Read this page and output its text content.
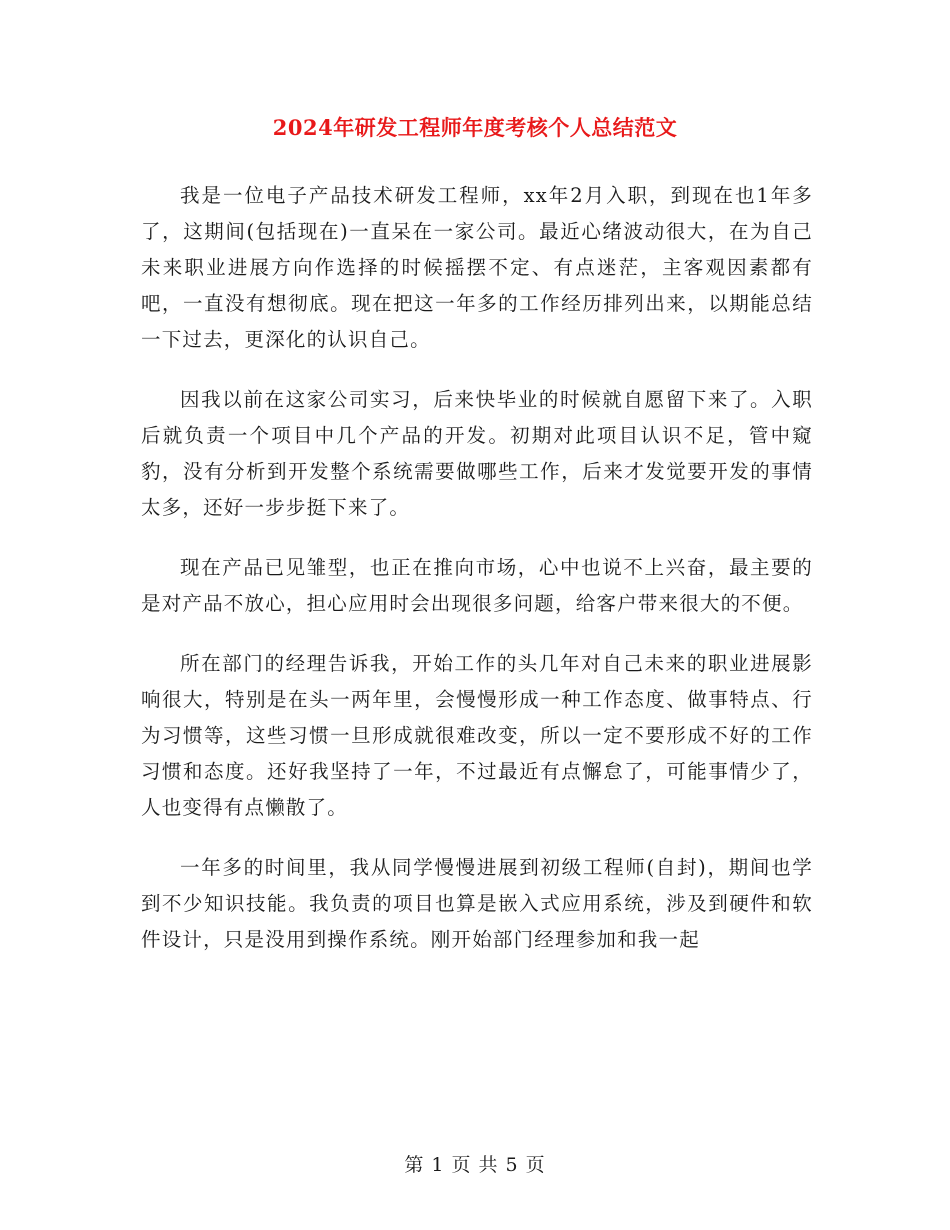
2024年研发工程师年度考核个人总结范文

我是一位电子产品技术研发工程师，xx年2月入职，到现在也1年多了，这期间(包括现在)一直呆在一家公司。最近心绪波动很大，在为自己未来职业进展方向作选择的时候摇摆不定、有点迷茫，主客观因素都有吧，一直没有想彻底。现在把这一年多的工作经历排列出来，以期能总结一下过去，更深化的认识自己。

因我以前在这家公司实习，后来快毕业的时候就自愿留下来了。入职后就负责一个项目中几个产品的开发。初期对此项目认识不足，管中窥豹，没有分析到开发整个系统需要做哪些工作，后来才发觉要开发的事情太多，还好一步步挺下来了。

现在产品已见雏型，也正在推向市场，心中也说不上兴奋，最主要的是对产品不放心，担心应用时会出现很多问题，给客户带来很大的不便。

所在部门的经理告诉我，开始工作的头几年对自己未来的职业进展影响很大，特别是在头一两年里，会慢慢形成一种工作态度、做事特点、行为习惯等，这些习惯一旦形成就很难改变，所以一定不要形成不好的工作习惯和态度。还好我坚持了一年，不过最近有点懈怠了，可能事情少了，人也变得有点懒散了。

一年多的时间里，我从同学慢慢进展到初级工程师(自封)，期间也学到不少知识技能。我负责的项目也算是嵌入式应用系统，涉及到硬件和软件设计，只是没用到操作系统。刚开始部门经理参加和我一起

第 1 页 共 5 页
